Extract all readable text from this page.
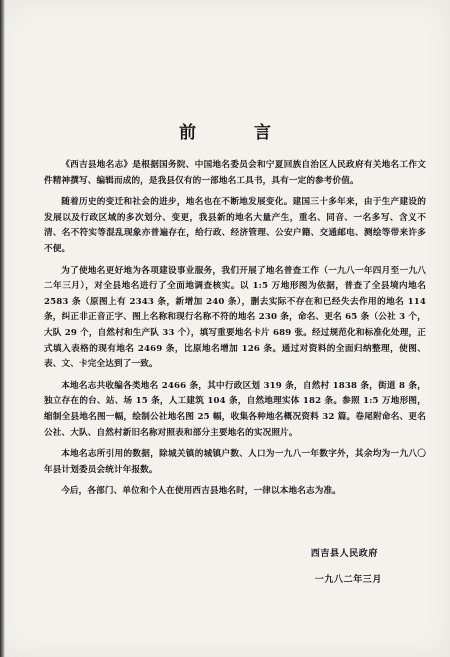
前 言

《西吉县地名志》是根据国务院、中国地名委员会和宁夏回族自治区人民政府有关地名工作文件精神撰写、编辑而成的，是我县仅有的一部地名工具书，具有一定的参考价值。

随着历史的变迁和社会的进步，地名也在不断地发展变化。建国三十多年来，由于生产建设的发展以及行政区域的多次划分、变更，我县新的地名大量产生，重名、同音、一名多写、含义不清、名不符实等混乱现象亦普遍存在，给行政、经济管理、公安户籍、交通邮电、测绘等带来许多不便。

为了使地名更好地为各项建设事业服务，我们开展了地名普查工作（一九八一年四月至一九八二年三月），对全县地名进行了全面地调查核实。以 1:5 万地形图为依据，普查了全县境内地名 2583 条（原图上有 2343 条，新增加 240 条），删去实际不存在和已经失去作用的地名 114 条，纠正非正音正字、图上名称和现行名称不符的地名 230 条，命名、更名 65 条（公社 3 个，大队 29 个，自然村和生产队 33 个），填写重要地名卡片 689 张。经过规范化和标准化处理，正式填入表格的现有地名 2469 条，比原地名增加 126 条。通过对资料的全面归纳整理，使图、表、文、卡完全达到了一致。

本地名志共收编各类地名 2466 条，其中行政区划 319 条，自然村 1838 条，街道 8 条，独立存在的台、站、场 15 条，人工建筑 104 条，自然地理实体 182 条。参照 1:5 万地形图，缩制全县地名图一幅，绘制公社地名图 25 幅，收集各种地名概况资料 32 篇。卷尾附命名、更名公社、大队、自然村新旧名称对照表和部分主要地名的实况照片。

本地名志所引用的数据，除城关镇的城镇户数、人口为一九八一年数字外，其余均为一九八〇年县计划委员会统计年报数。

今后，各部门、单位和个人在使用西吉县地名时，一律以本地名志为准。

西吉县人民政府
一九八二年三月
